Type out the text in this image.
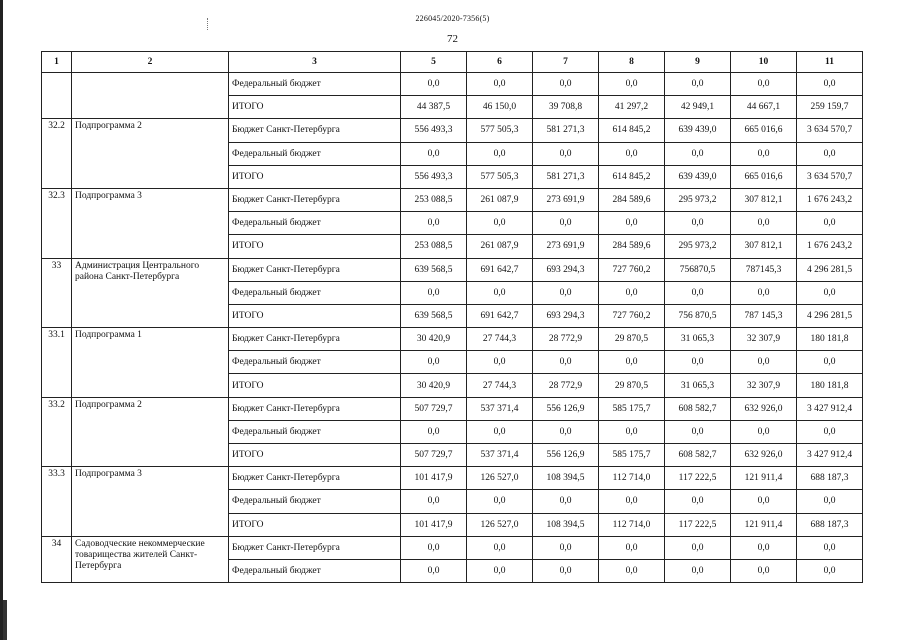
226045/2020-7356(5)
72
1	2	3	5	6	7	8	9	10	11
		Федеральный бюджет	0,0	0,0	0,0	0,0	0,0	0,0	0,0
		ИТОГО	44 387,5	46 150,0	39 708,8	41 297,2	42 949,1	44 667,1	259 159,7
32.2	Подпрограмма 2	Бюджет Санкт-Петербурга	556 493,3	577 505,3	581 271,3	614 845,2	639 439,0	665 016,6	3 634 570,7
		Федеральный бюджет	0,0	0,0	0,0	0,0	0,0	0,0	0,0
		ИТОГО	556 493,3	577 505,3	581 271,3	614 845,2	639 439,0	665 016,6	3 634 570,7
32.3	Подпрограмма 3	Бюджет Санкт-Петербурга	253 088,5	261 087,9	273 691,9	284 589,6	295 973,2	307 812,1	1 676 243,2
		Федеральный бюджет	0,0	0,0	0,0	0,0	0,0	0,0	0,0
		ИТОГО	253 088,5	261 087,9	273 691,9	284 589,6	295 973,2	307 812,1	1 676 243,2
33	Администрация Центрального района Санкт-Петербурга	Бюджет Санкт-Петербурга	639 568,5	691 642,7	693 294,3	727 760,2	756870,5	787145,3	4 296 281,5
		Федеральный бюджет	0,0	0,0	0,0	0,0	0,0	0,0	0,0
		ИТОГО	639 568,5	691 642,7	693 294,3	727 760,2	756 870,5	787 145,3	4 296 281,5
33.1	Подпрограмма 1	Бюджет Санкт-Петербурга	30 420,9	27 744,3	28 772,9	29 870,5	31 065,3	32 307,9	180 181,8
		Федеральный бюджет	0,0	0,0	0,0	0,0	0,0	0,0	0,0
		ИТОГО	30 420,9	27 744,3	28 772,9	29 870,5	31 065,3	32 307,9	180 181,8
33.2	Подпрограмма 2	Бюджет Санкт-Петербурга	507 729,7	537 371,4	556 126,9	585 175,7	608 582,7	632 926,0	3 427 912,4
		Федеральный бюджет	0,0	0,0	0,0	0,0	0,0	0,0	0,0
		ИТОГО	507 729,7	537 371,4	556 126,9	585 175,7	608 582,7	632 926,0	3 427 912,4
33.3	Подпрограмма 3	Бюджет Санкт-Петербурга	101 417,9	126 527,0	108 394,5	112 714,0	117 222,5	121 911,4	688 187,3
		Федеральный бюджет	0,0	0,0	0,0	0,0	0,0	0,0	0,0
		ИТОГО	101 417,9	126 527,0	108 394,5	112 714,0	117 222,5	121 911,4	688 187,3
34	Садоводческие некоммерческие товарищества жителей Санкт-Петербурга	Бюджет Санкт-Петербурга	0,0	0,0	0,0	0,0	0,0	0,0	0,0
		Федеральный бюджет	0,0	0,0	0,0	0,0	0,0	0,0	0,0
